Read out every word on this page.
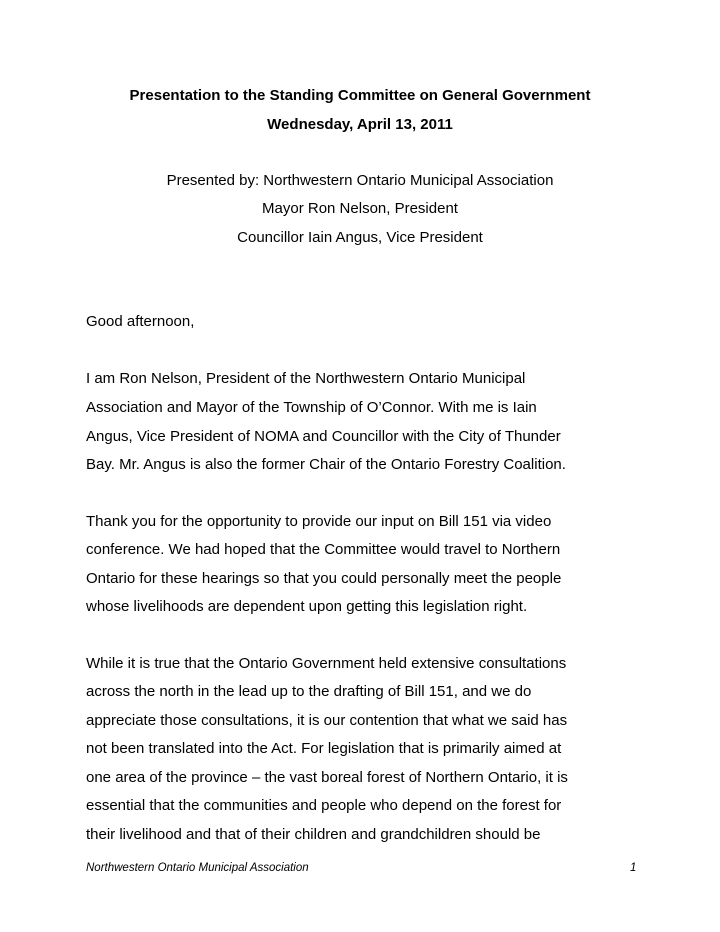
Presentation to the Standing Committee on General Government
Wednesday, April 13, 2011
Presented by: Northwestern Ontario Municipal Association
Mayor Ron Nelson, President
Councillor Iain Angus, Vice President
Good afternoon,
I am Ron Nelson, President of the Northwestern Ontario Municipal
Association and Mayor of the Township of O’Connor. With me is Iain
Angus, Vice President of NOMA and Councillor with the City of Thunder
Bay. Mr. Angus is also the former Chair of the Ontario Forestry Coalition.
Thank you for the opportunity to provide our input on Bill 151 via video
conference. We had hoped that the Committee would travel to Northern
Ontario for these hearings so that you could personally meet the people
whose livelihoods are dependent upon getting this legislation right.
While it is true that the Ontario Government held extensive consultations
across the north in the lead up to the drafting of Bill 151, and we do
appreciate those consultations, it is our contention that what we said has
not been translated into the Act. For legislation that is primarily aimed at
one area of the province – the vast boreal forest of Northern Ontario, it is
essential that the communities and people who depend on the forest for
their livelihood and that of their children and grandchildren should be
Northwestern Ontario Municipal Association	1
